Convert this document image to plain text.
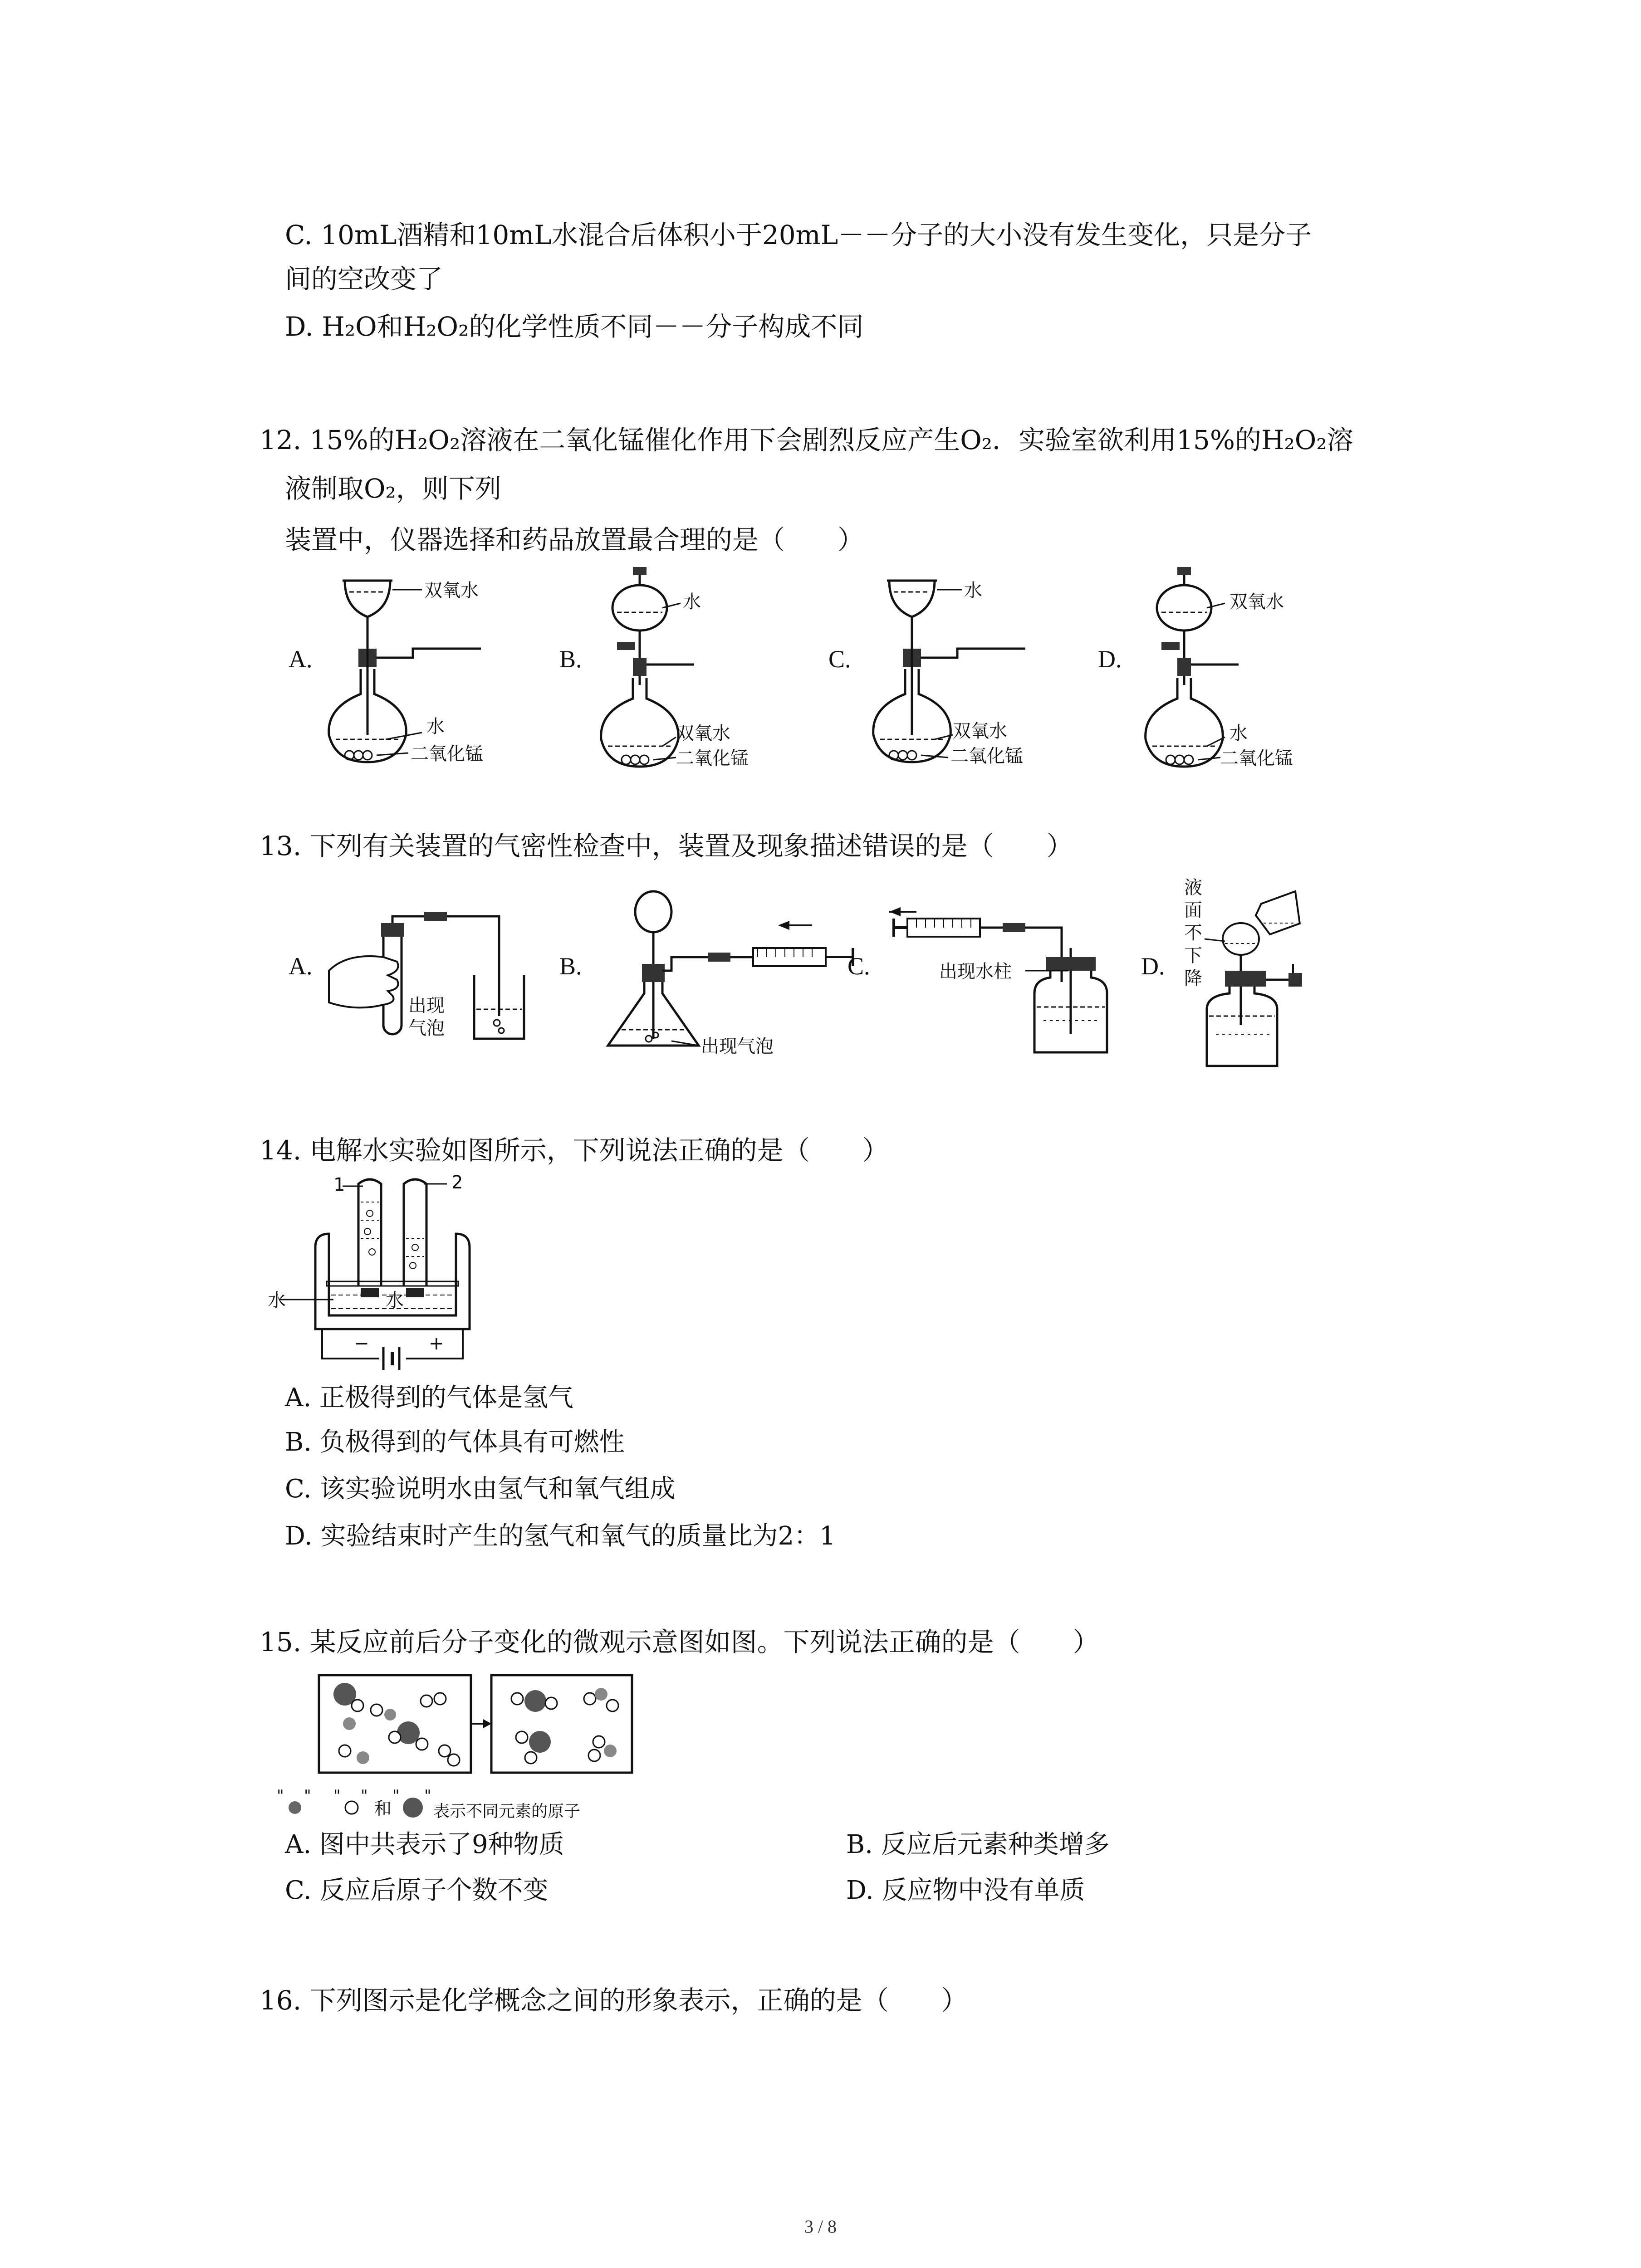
C. 10mL酒精和10mL水混合后体积小于20mL－－分子的大小没有发生变化，只是分子
间的空改变了
D. H₂O和H₂O₂的化学性质不同－－分子构成不同
12. 15%的H₂O₂溶液在二氧化锰催化作用下会剧烈反应产生O₂．实验室欲利用15%的H₂O₂溶
液制取O₂，则下列
装置中，仪器选择和药品放置最合理的是（　　）
A.	B.	C.	D.
双氧水
水
二氧化锰
水
双氧水
二氧化锰
水
双氧水
二氧化锰
双氧水
水
二氧化锰
13. 下列有关装置的气密性检查中，装置及现象描述错误的是（　　）
A.	B.	C.	D.
出现
气泡
出现气泡
出现水柱
液
面
不
下
降
14. 电解水实验如图所示，下列说法正确的是（　　）
1	2
水	水
−	+
A. 正极得到的气体是氢气
B. 负极得到的气体具有可燃性
C. 该实验说明水由氢气和氧气组成
D. 实验结束时产生的氢气和氧气的质量比为2：1
15. 某反应前后分子变化的微观示意图如图。下列说法正确的是（　　）
" " " "
和
" "
表示不同元素的原子
A. 图中共表示了9种物质	B. 反应后元素种类增多
C. 反应后原子个数不变	D. 反应物中没有单质
16. 下列图示是化学概念之间的形象表示，正确的是（　　）
3 / 8
